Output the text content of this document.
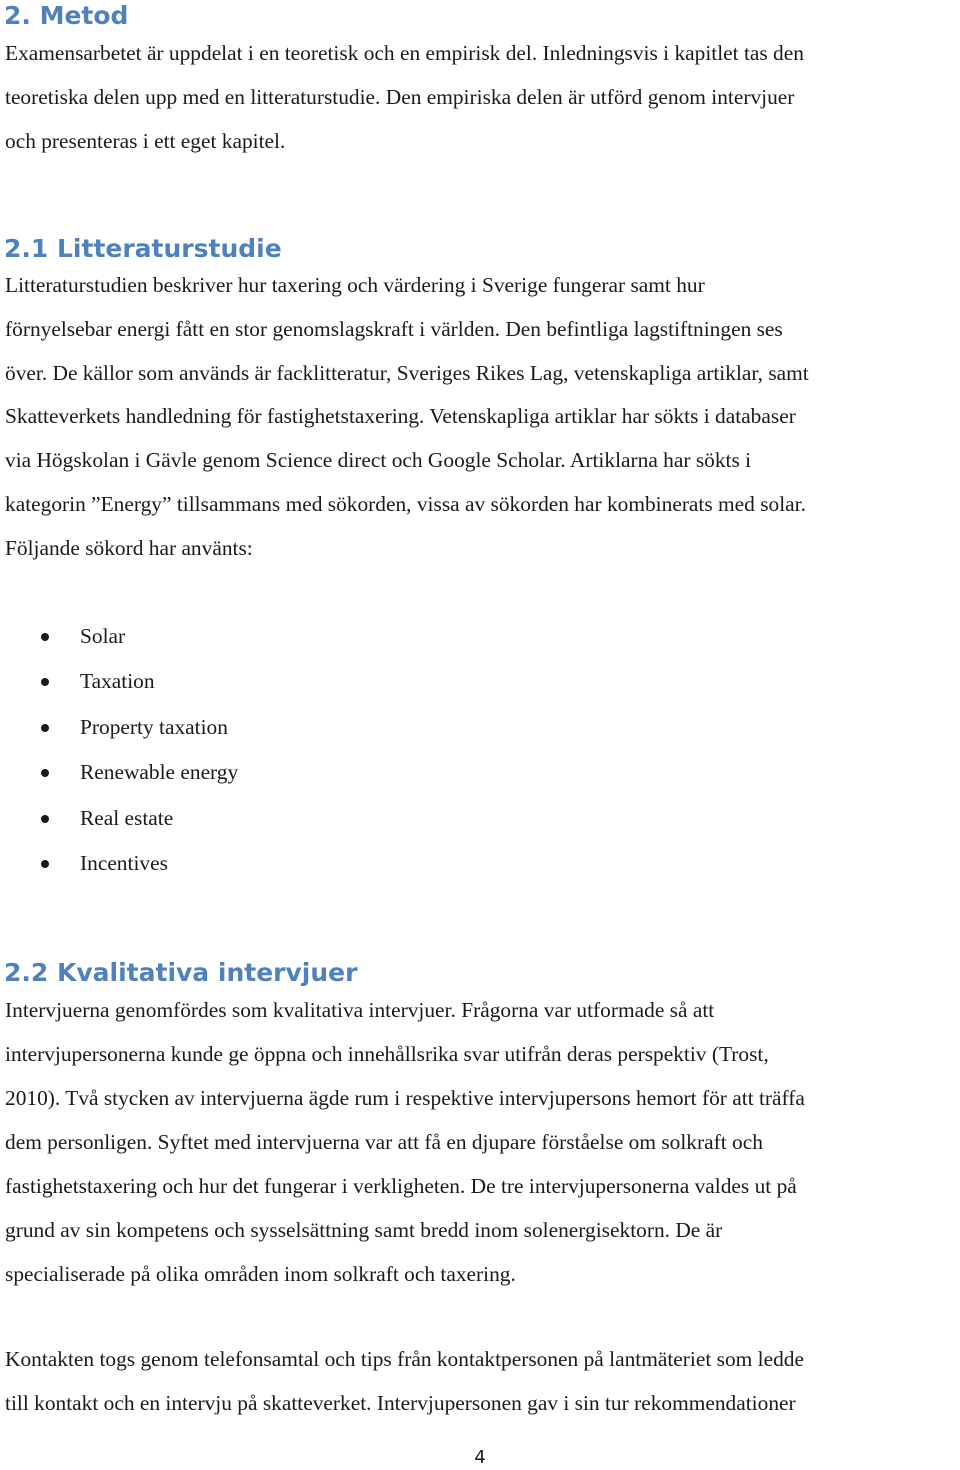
2. Metod
Examensarbetet är uppdelat i en teoretisk och en empirisk del. Inledningsvis i kapitlet tas den
teoretiska delen upp med en litteraturstudie. Den empiriska delen är utförd genom intervjuer
och presenteras i ett eget kapitel.
2.1 Litteraturstudie
Litteraturstudien beskriver hur taxering och värdering i Sverige fungerar samt hur
förnyelsebar energi fått en stor genomslagskraft i världen. Den befintliga lagstiftningen ses
över. De källor som används är facklitteratur, Sveriges Rikes Lag, vetenskapliga artiklar, samt
Skatteverkets handledning för fastighetstaxering. Vetenskapliga artiklar har sökts i databaser
via Högskolan i Gävle genom Science direct och Google Scholar. Artiklarna har sökts i
kategorin ”Energy” tillsammans med sökorden, vissa av sökorden har kombinerats med solar.
Följande sökord har använts:
Solar
Taxation
Property taxation
Renewable energy
Real estate
Incentives
2.2 Kvalitativa intervjuer
Intervjuerna genomfördes som kvalitativa intervjuer. Frågorna var utformade så att
intervjupersonerna kunde ge öppna och innehållsrika svar utifrån deras perspektiv (Trost,
2010). Två stycken av intervjuerna ägde rum i respektive intervjupersons hemort för att träffa
dem personligen. Syftet med intervjuerna var att få en djupare förståelse om solkraft och
fastighetstaxering och hur det fungerar i verkligheten. De tre intervjupersonerna valdes ut på
grund av sin kompetens och sysselsättning samt bredd inom solenergisektorn. De är
specialiserade på olika områden inom solkraft och taxering.
Kontakten togs genom telefonsamtal och tips från kontaktpersonen på lantmäteriet som ledde
till kontakt och en intervju på skatteverket. Intervjupersonen gav i sin tur rekommendationer
4
